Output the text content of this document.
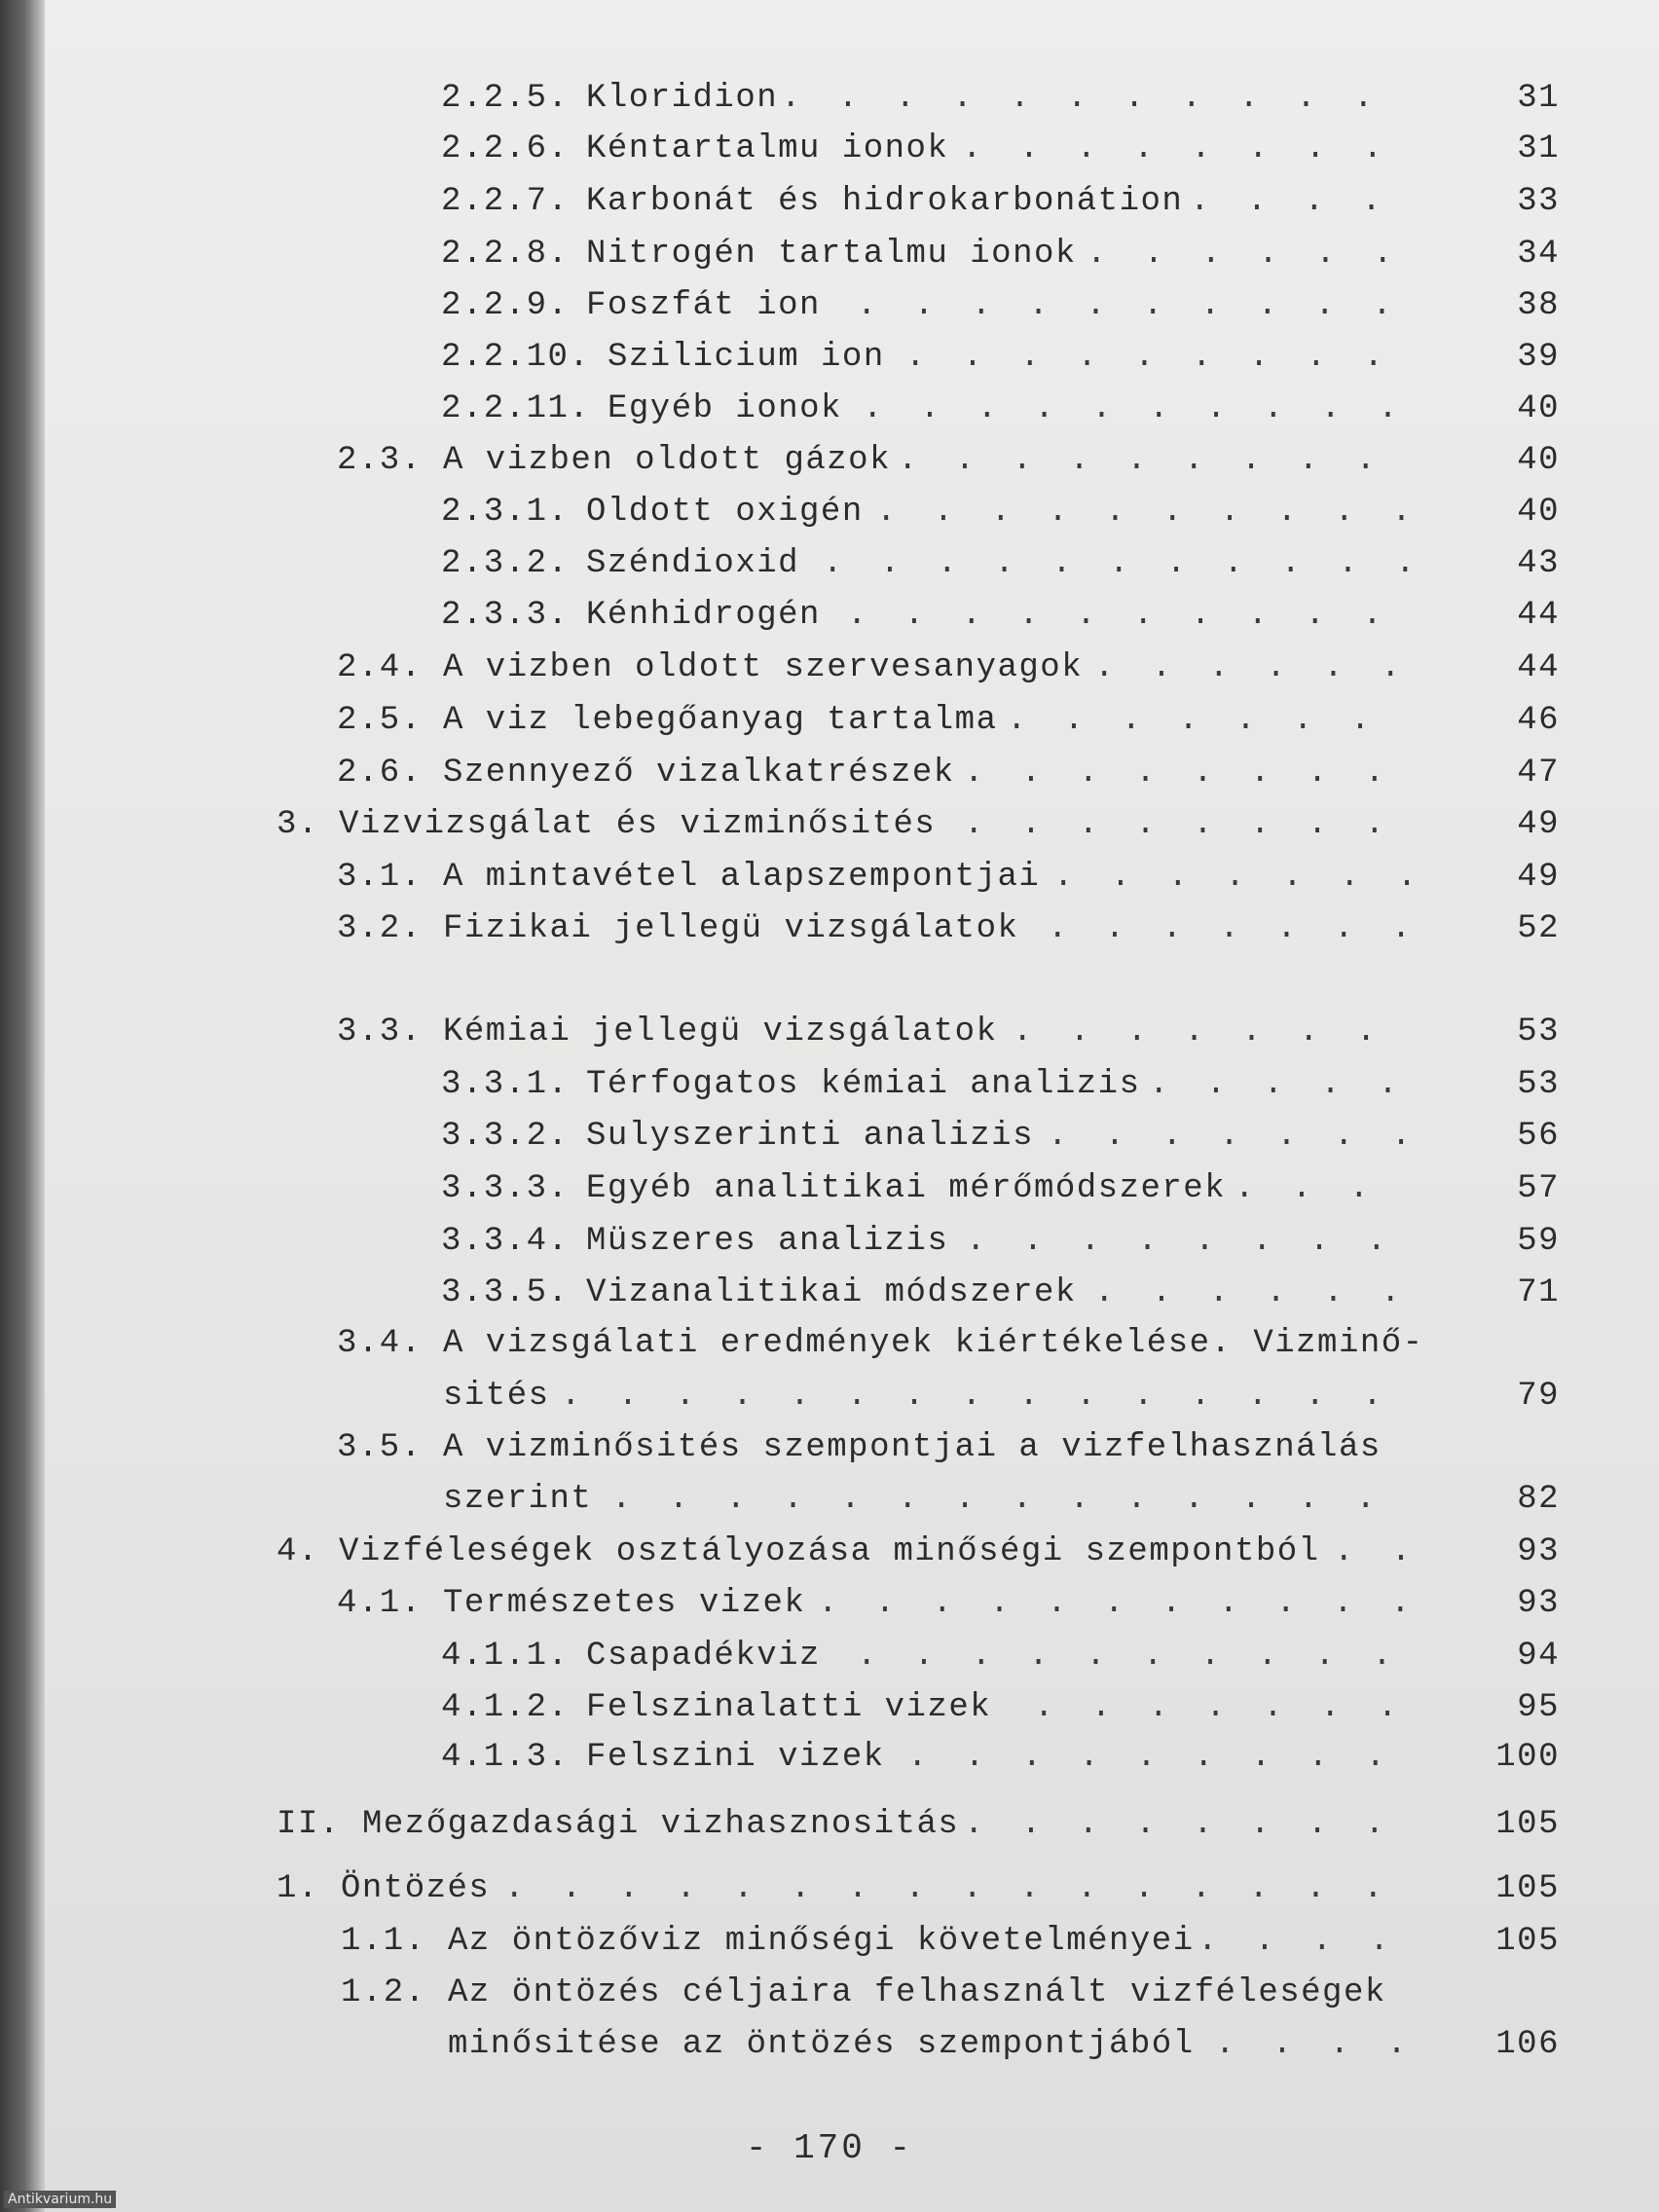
2.2.5. Kloridion . . .	31
2.2.6. Kéntartalmu ionok . . .	31
2.2.7. Karbonát és hidrokarbonátion . . .	33
2.2.8. Nitrogén tartalmu ionok . . .	34
2.2.9. Foszfát ion . . .	38
2.2.10. Szilicium ion . . .	39
2.2.11. Egyéb ionok . . .	40
2.3. A vizben oldott gázok . . .	40
2.3.1. Oldott oxigén . . .	40
2.3.2. Széndioxid . . .	43
2.3.3. Kénhidrogén . . .	44
2.4. A vizben oldott szervesanyagok . . .	44
2.5. A viz lebegőanyag tartalma . . .	46
2.6. Szennyező vizalkatrészek . . .	47
3. Vizvizsgálat és vizminősités . . .	49
3.1. A mintavétel alapszempontjai . . .	49
3.2. Fizikai jellegü vizsgálatok . . .	52
3.3. Kémiai jellegü vizsgálatok . . .	53
3.3.1. Térfogatos kémiai analizis . . .	53
3.3.2. Sulyszerinti analizis . . .	56
3.3.3. Egyéb analitikai mérőmódszerek . . .	57
3.3.4. Müszeres analizis . . .	59
3.3.5. Vizanalitikai módszerek . . .	71
3.4. A vizsgálati eredmények kiértékelése. Vizminő-
sités . . .	79
3.5. A vizminősités szempontjai a vizfelhasználás
szerint . . .	82
4. Vizféleségek osztályozása minőségi szempontból . . .	93
4.1. Természetes vizek . . .	93
4.1.1. Csapadékviz . . .	94
4.1.2. Felszinalatti vizek . . .	95
4.1.3. Felszini vizek . . .	100
II. Mezőgazdasági vizhasznositás . . .	105
1. Öntözés . . .	105
1.1. Az öntözőviz minőségi követelményei . . .	105
1.2. Az öntözés céljaira felhasznált vizféleségek
minősitése az öntözés szempontjából . . .	106
- 170 -
Antikvarium.hu
